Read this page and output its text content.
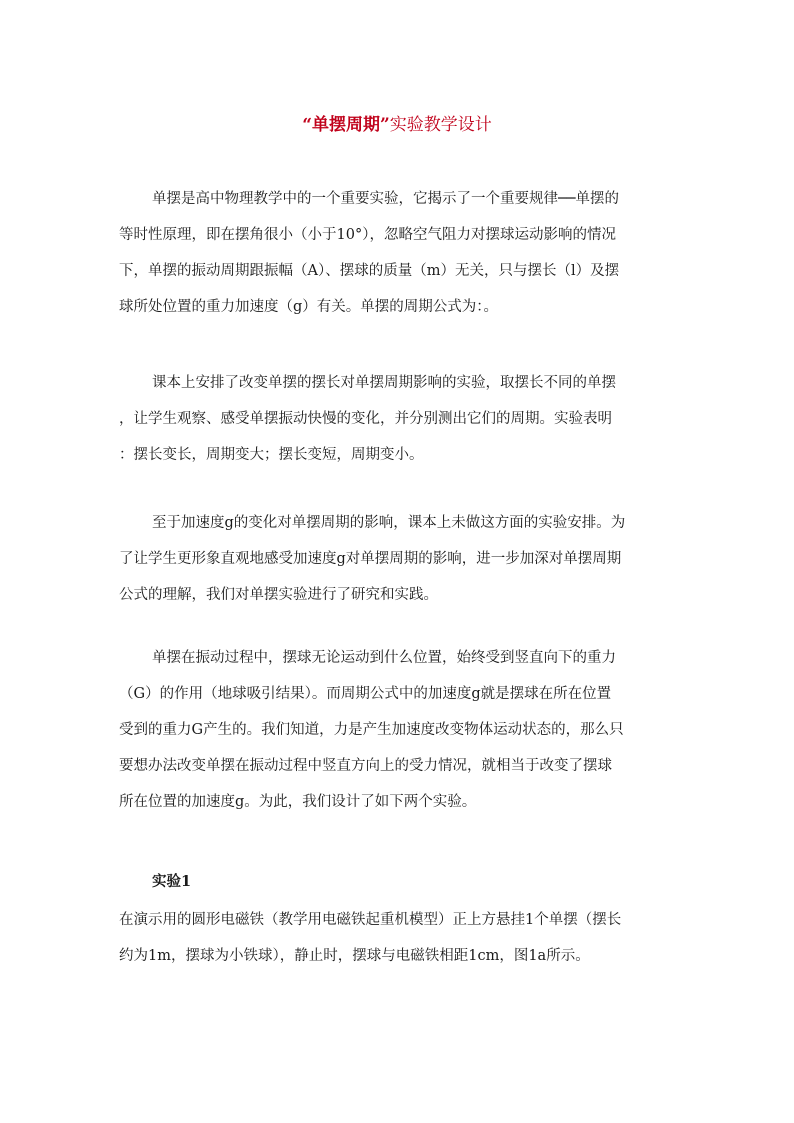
“单摆周期”实验教学设计
单摆是高中物理教学中的一个重要实验，它揭示了一个重要规律──单摆的
等时性原理，即在摆角很小（小于10°），忽略空气阻力对摆球运动影响的情况
下，单摆的振动周期跟振幅（A）、摆球的质量（m）无关，只与摆长（l）及摆
球所处位置的重力加速度（g）有关。单摆的周期公式为：。
课本上安排了改变单摆的摆长对单摆周期影响的实验，取摆长不同的单摆
，让学生观察、感受单摆振动快慢的变化，并分别测出它们的周期。实验表明
：摆长变长，周期变大；摆长变短，周期变小。
至于加速度g的变化对单摆周期的影响，课本上未做这方面的实验安排。为
了让学生更形象直观地感受加速度g对单摆周期的影响，进一步加深对单摆周期
公式的理解，我们对单摆实验进行了研究和实践。
单摆在振动过程中，摆球无论运动到什么位置，始终受到竖直向下的重力
（G）的作用（地球吸引结果）。而周期公式中的加速度g就是摆球在所在位置
受到的重力G产生的。我们知道，力是产生加速度改变物体运动状态的，那么只
要想办法改变单摆在振动过程中竖直方向上的受力情况，就相当于改变了摆球
所在位置的加速度g。为此，我们设计了如下两个实验。
实验1
在演示用的圆形电磁铁（教学用电磁铁起重机模型）正上方悬挂1个单摆（摆长
约为1m，摆球为小铁球），静止时，摆球与电磁铁相距1cm，图1a所示。
